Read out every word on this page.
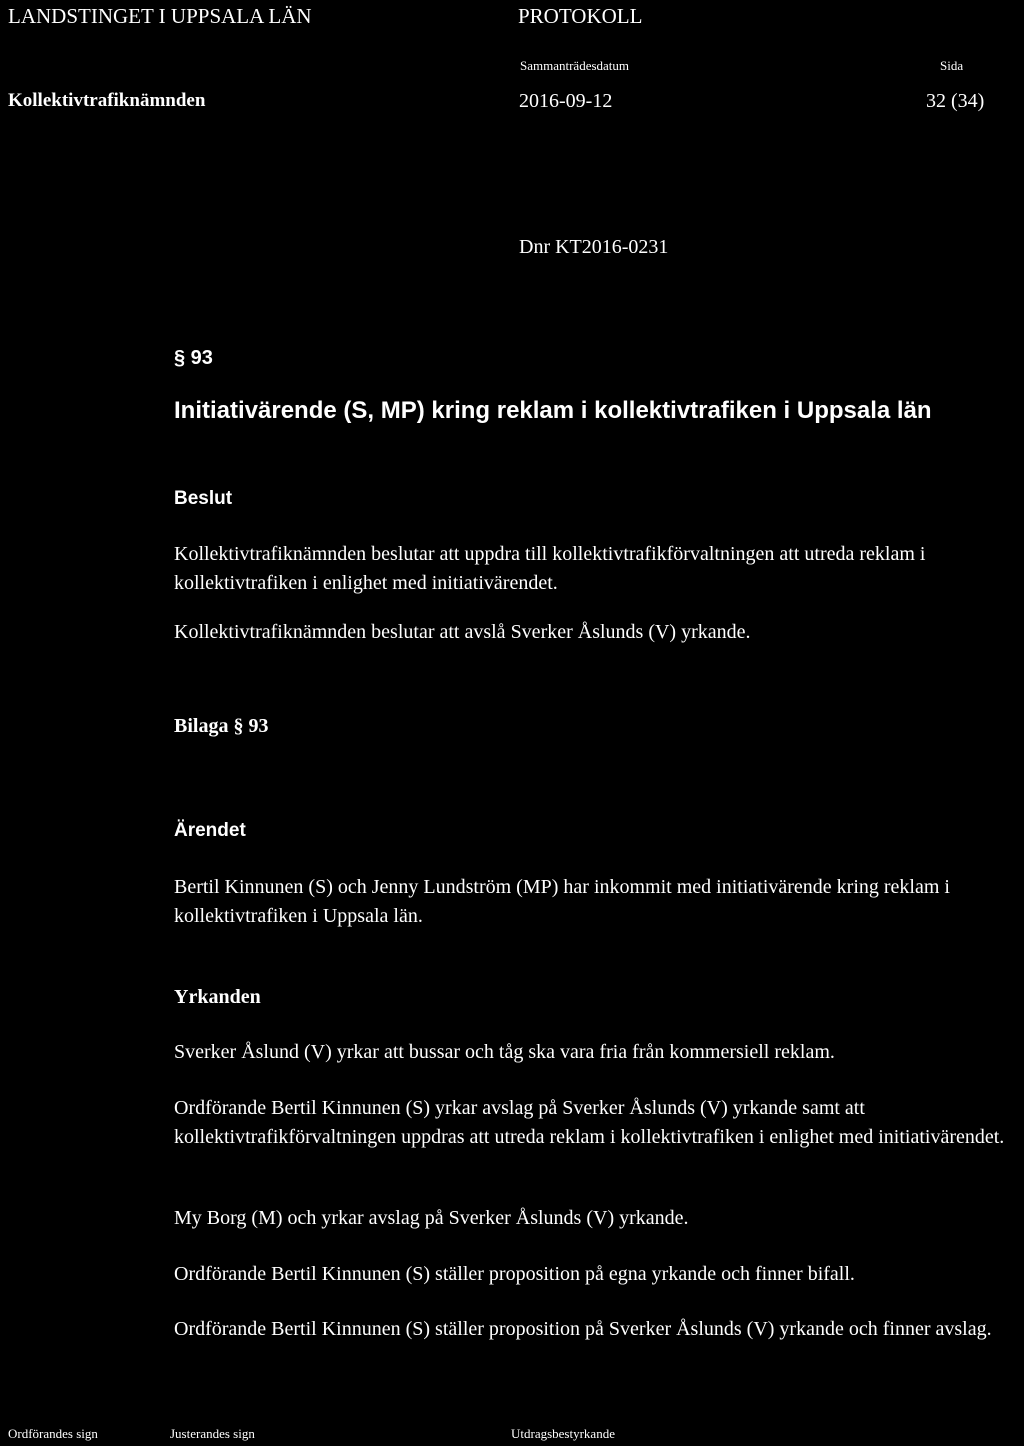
LANDSTINGET I UPPSALA LÄN	PROTOKOLL
Sammanträdesdatum	Sida
Kollektivtrafiknämnden	2016-09-12	32 (34)
Dnr KT2016-0231
§ 93
Initiativärende (S, MP) kring reklam i kollektivtrafiken i Uppsala län
Beslut
Kollektivtrafiknämnden beslutar att uppdra till kollektivtrafikförvaltningen att utreda reklam i kollektivtrafiken i enlighet med initiativärendet.
Kollektivtrafiknämnden beslutar att avslå Sverker Åslunds (V) yrkande.
Bilaga § 93
Ärendet
Bertil Kinnunen (S) och Jenny Lundström (MP) har inkommit med initiativärende kring reklam i kollektivtrafiken i Uppsala län.
Yrkanden
Sverker Åslund (V) yrkar att bussar och tåg ska vara fria från kommersiell reklam.
Ordförande Bertil Kinnunen (S) yrkar avslag på Sverker Åslunds (V) yrkande samt att kollektivtrafikförvaltningen uppdras att utreda reklam i kollektivtrafiken i enlighet med initiativärendet.
My Borg (M) och yrkar avslag på Sverker Åslunds (V) yrkande.
Ordförande Bertil Kinnunen (S) ställer proposition på egna yrkande och finner bifall.
Ordförande Bertil Kinnunen (S) ställer proposition på Sverker Åslunds (V) yrkande och finner avslag.
Ordförandes sign	Justerandes sign	Utdragsbestyrkande
